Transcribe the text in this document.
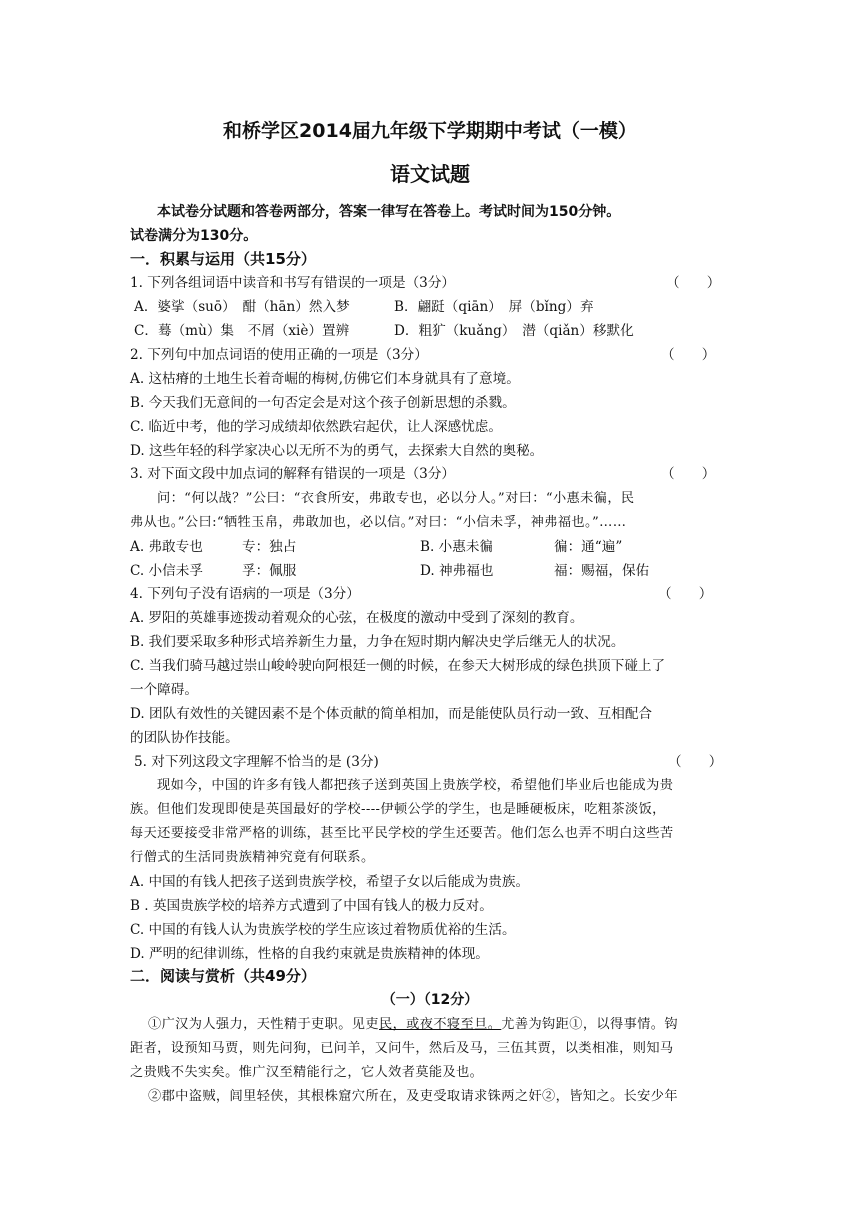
和桥学区2014届九年级下学期期中考试（一模）
语文试题
本试卷分试题和答卷两部分，答案一律写在答卷上。考试时间为150分钟。
试卷满分为130分。
一．积累与运用（共15分）
1. 下列各组词语中读音和书写有错误的一项是（3分）	（　　）
A．婆挲（suō）　酣（hān）然入梦	B．翩跹（qiān）　屏（bǐng）弃
C．蓦（mù）集　不屑（xiè）置辨	D．粗犷（kuǎng）　潜（qiǎn）移默化
2. 下列句中加点词语的使用正确的一项是（3分）	（　　）
A. 这枯瘠的土地生长着奇崛的梅树,仿佛它们本身就具有了意境。
B. 今天我们无意间的一句否定会是对这个孩子创新思想的杀戮。
C. 临近中考，他的学习成绩却依然跌宕起伏，让人深感忧虑。
D. 这些年轻的科学家决心以无所不为的勇气，去探索大自然的奥秘。
3. 对下面文段中加点词的解释有错误的一项是（3分）	（　　）
问：“何以战？”公曰：“衣食所安，弗敢专也，必以分人。”对曰：“小惠未徧，民
弗从也。”公曰:“牺牲玉帛，弗敢加也，必以信。”对曰：“小信未孚，神弗福也。”……
A. 弗敢专也	专：独占	B. 小惠未徧	徧：通“遍”
C. 小信未孚	孚：佩服	D. 神弗福也	福：赐福，保佑
4. 下列句子没有语病的一项是（3分）	（　　）
A. 罗阳的英雄事迹拨动着观众的心弦，在极度的激动中受到了深刻的教育。
B. 我们要采取多种形式培养新生力量，力争在短时期内解决史学后继无人的状况。
C. 当我们骑马越过崇山峻岭驶向阿根廷一侧的时候，在参天大树形成的绿色拱顶下碰上了
一个障碍。
D. 团队有效性的关键因素不是个体贡献的简单相加，而是能使队员行动一致、互相配合
的团队协作技能。
5. 对下列这段文字理解不恰当的是 (3分)	（　　）
现如今，中国的许多有钱人都把孩子送到英国上贵族学校，希望他们毕业后也能成为贵
族。但他们发现即使是英国最好的学校----伊顿公学的学生，也是睡硬板床，吃粗茶淡饭，
每天还要接受非常严格的训练，甚至比平民学校的学生还要苦。他们怎么也弄不明白这些苦
行僧式的生活同贵族精神究竟有何联系。
A. 中国的有钱人把孩子送到贵族学校，希望子女以后能成为贵族。
B . 英国贵族学校的培养方式遭到了中国有钱人的极力反对。
C. 中国的有钱人认为贵族学校的学生应该过着物质优裕的生活。
D. 严明的纪律训练，性格的自我约束就是贵族精神的体现。
二．阅读与赏析（共49分）
（一）（12分）
①广汉为人强力，天性精于吏职。见吏民，或夜不寝至旦。尤善为钩距①，以得事情。钩
距者，设预知马贾，则先问狗，已问羊，又问牛，然后及马，三伍其贾，以类相准，则知马
之贵贱不失实矣。惟广汉至精能行之，它人效者莫能及也。
②郡中盗贼，闾里轻侠，其根株窟穴所在，及吏受取请求铢两之奸②，皆知之。长安少年
